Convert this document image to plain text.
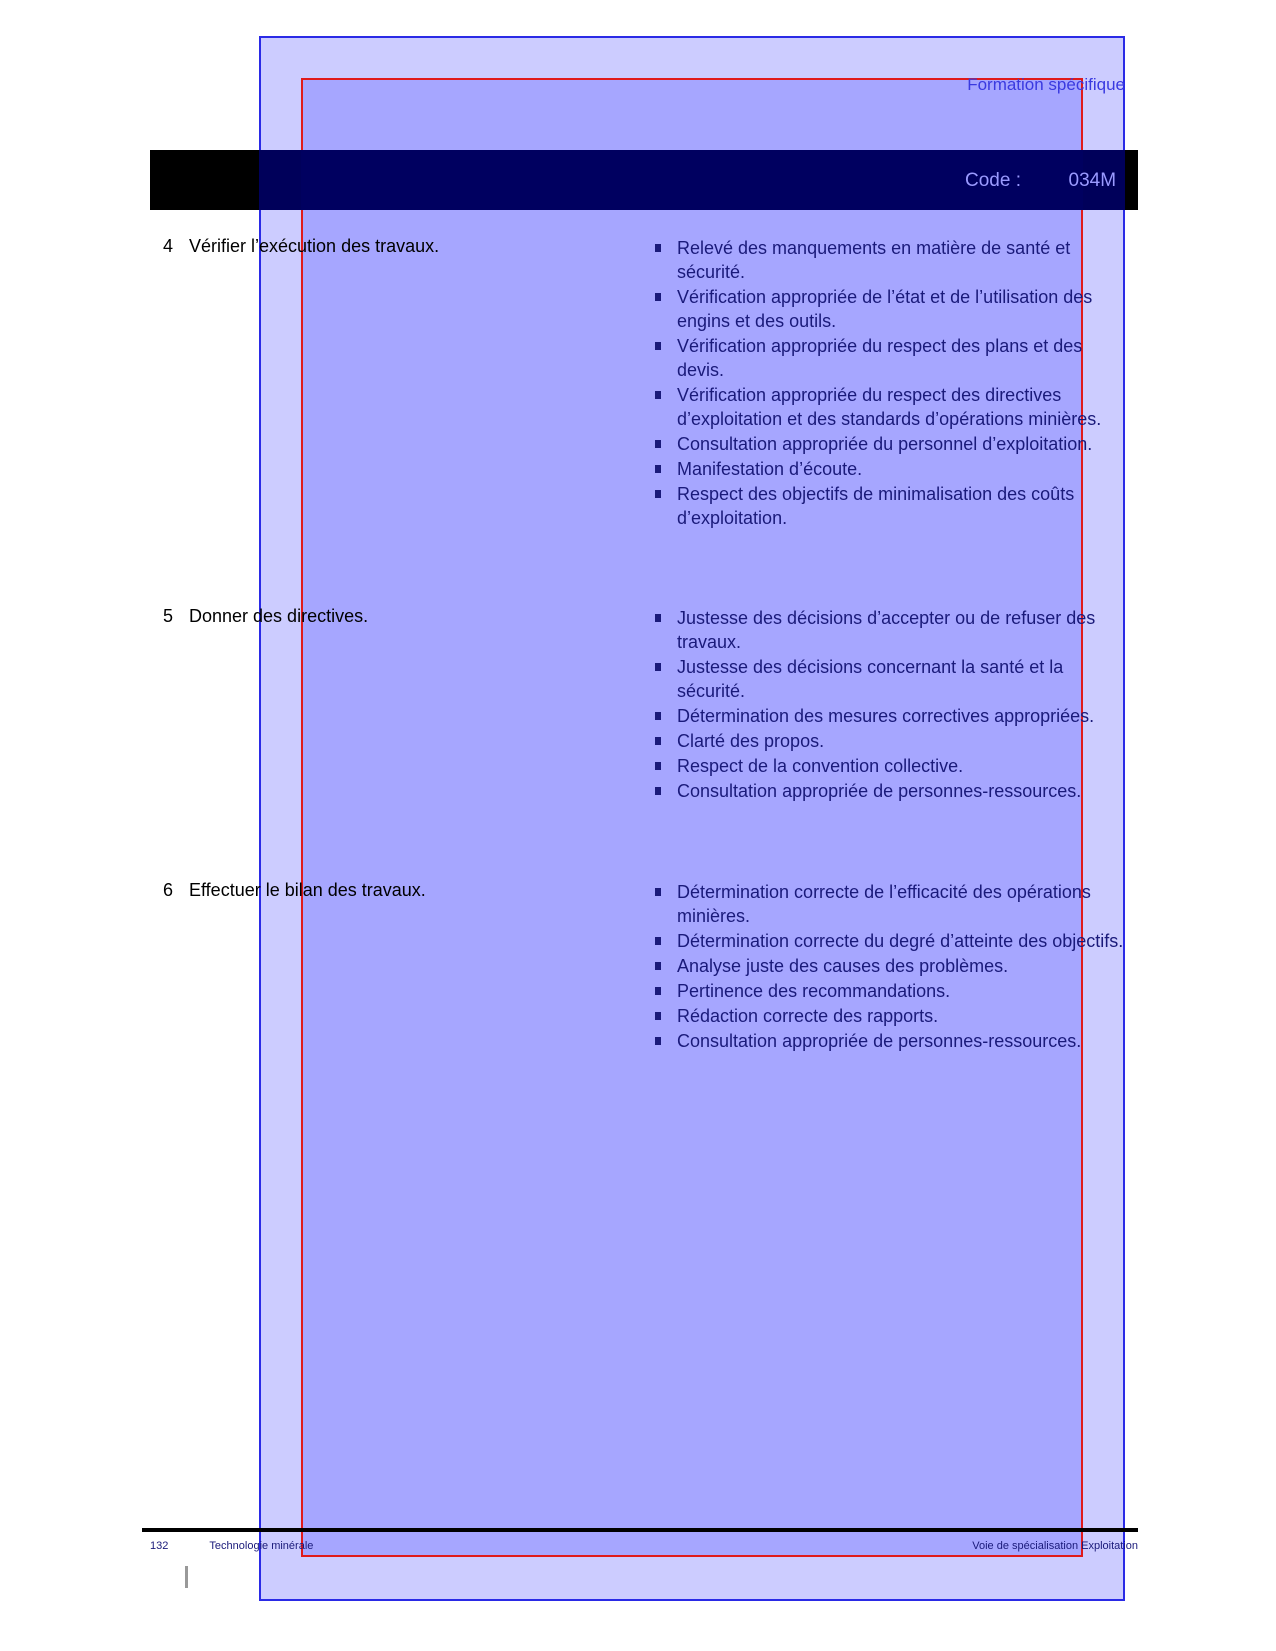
Formation spécifique
Code :	034M
4 Vérifier l’exécution des travaux.	Relevé des manquements en matière de santé et sécurité.
Vérification appropriée de l’état et de l’utilisation des engins et des outils.
Vérification appropriée du respect des plans et des devis.
Vérification appropriée du respect des directives d’exploitation et des standards d’opérations minières.
Consultation appropriée du personnel d’exploitation.
Manifestation d’écoute.
Respect des objectifs de minimalisation des coûts d’exploitation.
5 Donner des directives.	Justesse des décisions d’accepter ou de refuser des travaux.
Justesse des décisions concernant la santé et la sécurité.
Détermination des mesures correctives appropriées.
Clarté des propos.
Respect de la convention collective.
Consultation appropriée de personnes-ressources.
6 Effectuer le bilan des travaux.	Détermination correcte de l’efficacité des opérations minières.
Détermination correcte du degré d’atteinte des objectifs.
Analyse juste des causes des problèmes.
Pertinence des recommandations.
Rédaction correcte des rapports.
Consultation appropriée de personnes-ressources.
132	Technologie minérale	Voie de spécialisation Exploitation
